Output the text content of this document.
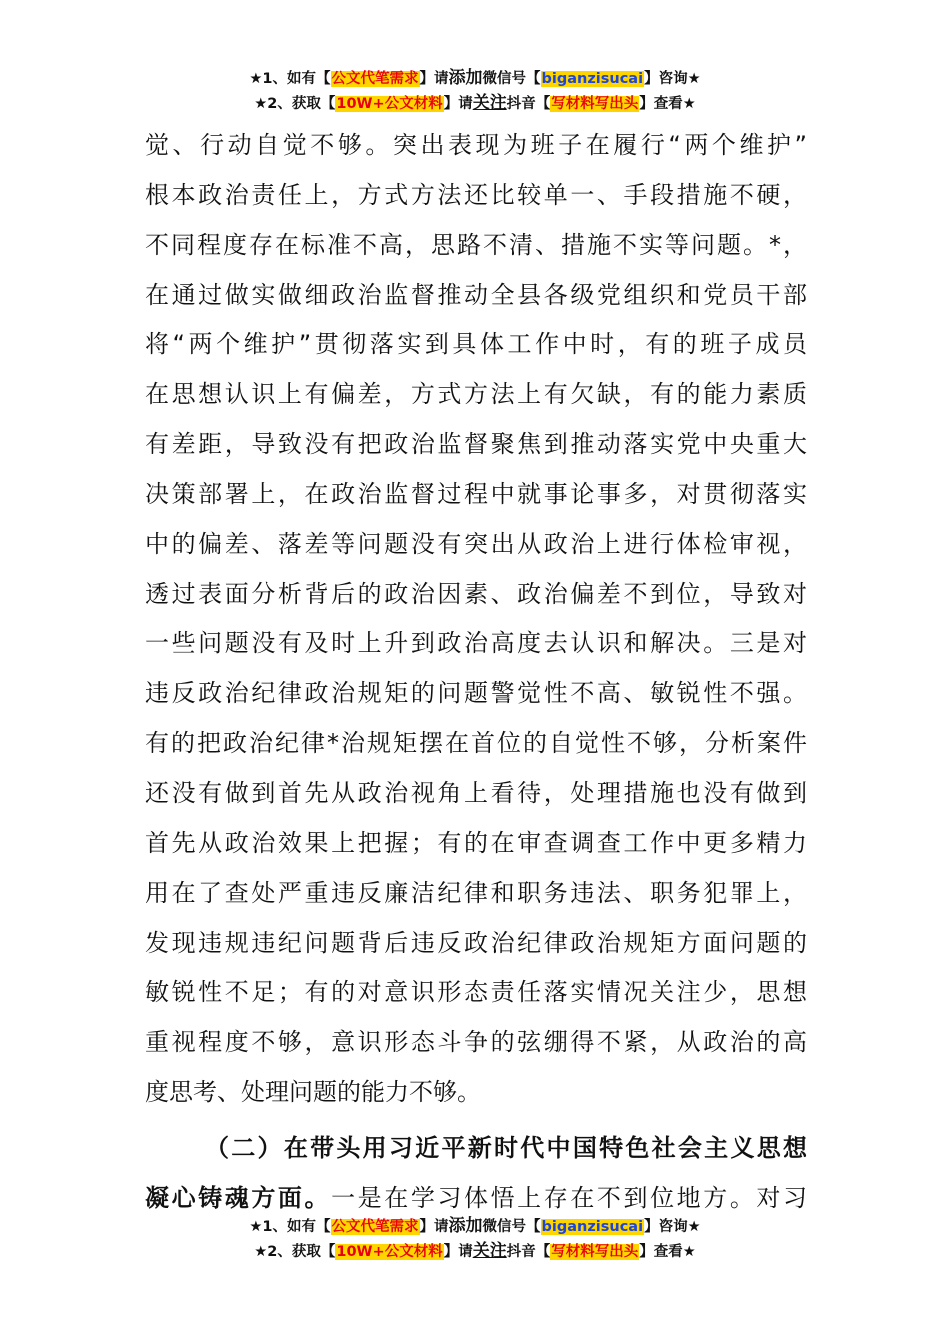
★1、如有【公文代笔需求】请添加微信号【biganzisucai】咨询★
★2、获取【10W+公文材料】请关注抖音【写材料写出头】查看★

觉、行动自觉不够。突出表现为班子在履行“两个维护”

根本政治责任上，方式方法还比较单一、手段措施不硬，

不同程度存在标准不高，思路不清、措施不实等问题。*，

在通过做实做细政治监督推动全县各级党组织和党员干部

将“两个维护”贯彻落实到具体工作中时，有的班子成员

在思想认识上有偏差，方式方法上有欠缺，有的能力素质

有差距，导致没有把政治监督聚焦到推动落实党中央重大

决策部署上，在政治监督过程中就事论事多，对贯彻落实

中的偏差、落差等问题没有突出从政治上进行体检审视，

透过表面分析背后的政治因素、政治偏差不到位，导致对

一些问题没有及时上升到政治高度去认识和解决。三是对

违反政治纪律政治规矩的问题警觉性不高、敏锐性不强。

有的把政治纪律*治规矩摆在首位的自觉性不够，分析案件

还没有做到首先从政治视角上看待，处理措施也没有做到

首先从政治效果上把握；有的在审查调查工作中更多精力

用在了查处严重违反廉洁纪律和职务违法、职务犯罪上，

发现违规违纪问题背后违反政治纪律政治规矩方面问题的

敏锐性不足；有的对意识形态责任落实情况关注少，思想

重视程度不够，意识形态斗争的弦绷得不紧，从政治的高

度思考、处理问题的能力不够。

（二）在带头用习近平新时代中国特色社会主义思想

凝心铸魂方面。一是在学习体悟上存在不到位地方。对习

★1、如有【公文代笔需求】请添加微信号【biganzisucai】咨询★
★2、获取【10W+公文材料】请关注抖音【写材料写出头】查看★
